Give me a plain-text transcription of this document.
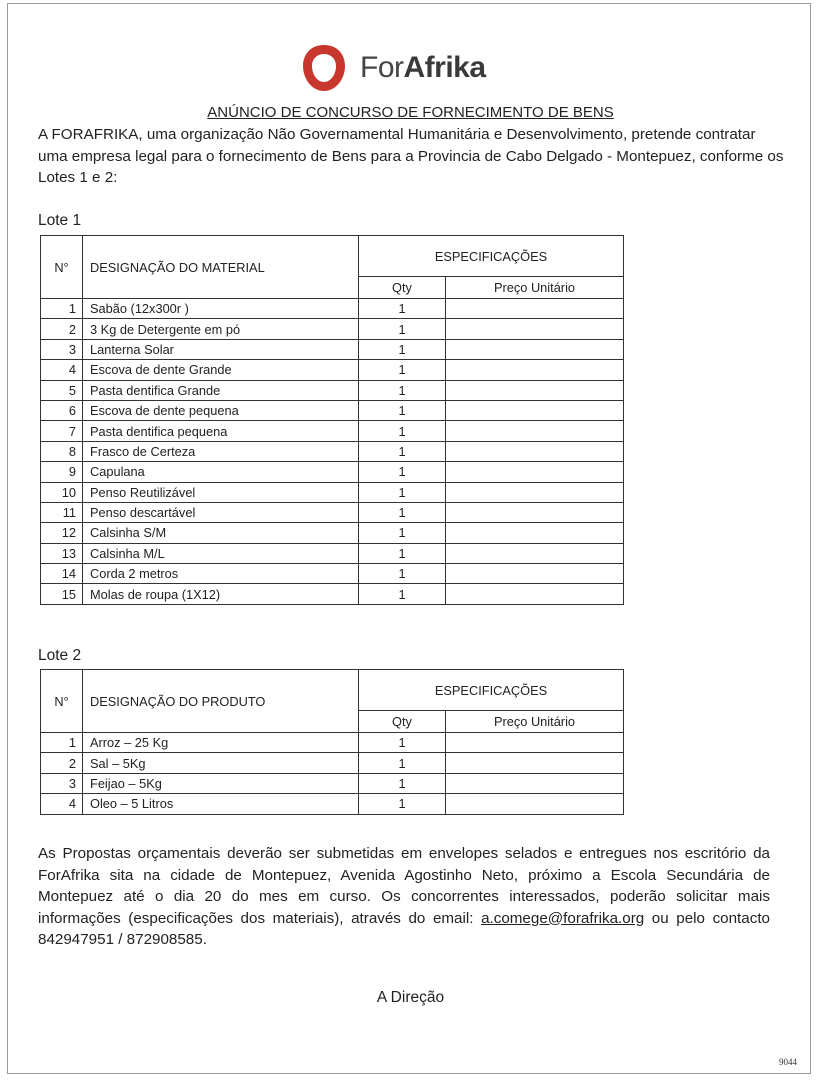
ForAfrika
ANÚNCIO DE CONCURSO DE FORNECIMENTO DE BENS
A FORAFRIKA, uma organização Não Governamental Humanitária e Desenvolvimento, pretende contratar uma empresa legal para o fornecimento de Bens para a Provincia de Cabo Delgado - Montepuez, conforme os Lotes 1 e 2:
Lote 1
N°	DESIGNAÇÃO DO MATERIAL	ESPECIFICAÇÕES	
		Qty	Preço Unitário
1	Sabão (12x300r )	1	
2	3 Kg de Detergente em pó	1	
3	Lanterna Solar	1	
4	Escova de dente Grande	1	
5	Pasta dentifica Grande	1	
6	Escova de dente pequena	1	
7	Pasta dentifica pequena	1	
8	Frasco de Certeza	1	
9	Capulana	1	
10	Penso Reutilizável	1	
11	Penso descartável	1	
12	Calsinha S/M	1	
13	Calsinha M/L	1	
14	Corda 2 metros	1	
15	Molas de roupa (1X12)	1	
Lote 2
N°	DESIGNAÇÃO DO PRODUTO	ESPECIFICAÇÕES	
		Qty	Preço Unitário
1	Arroz – 25 Kg	1	
2	Sal – 5Kg	1	
3	Feijao – 5Kg	1	
4	Oleo – 5 Litros	1	
As Propostas orçamentais deverão ser submetidas em envelopes selados e entregues nos escritório da ForAfrika sita na cidade de Montepuez, Avenida Agostinho Neto, próximo a Escola Secundária de Montepuez até o dia 20 do mes em curso. Os concorrentes interessados, poderão solicitar mais informações (especificações dos materiais), através do email: a.comege@forafrika.org ou pelo contacto 842947951 / 872908585.
A Direção
9044
